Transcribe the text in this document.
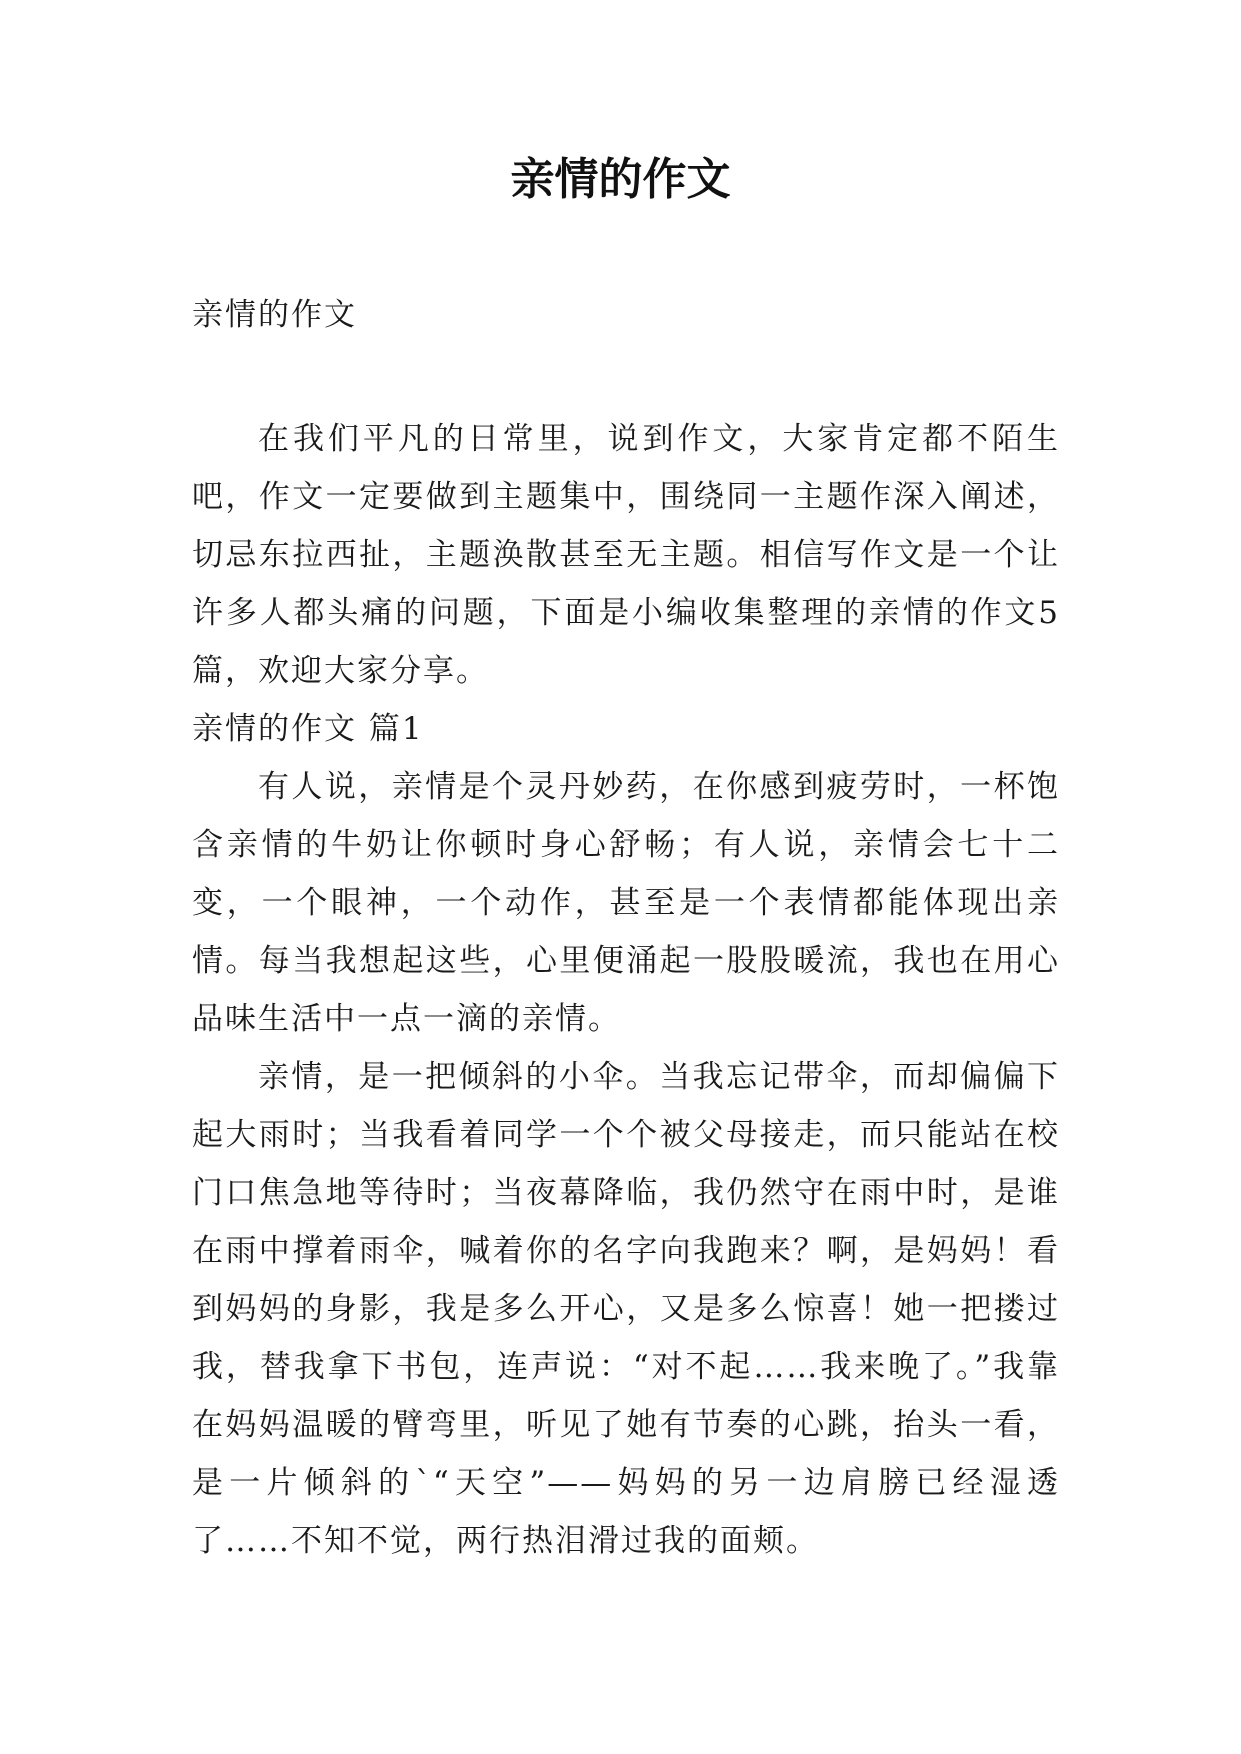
亲情的作文

亲情的作文

在我们平凡的日常里，说到作文，大家肯定都不陌生吧，作文一定要做到主题集中，围绕同一主题作深入阐述，切忌东拉西扯，主题涣散甚至无主题。相信写作文是一个让许多人都头痛的问题，下面是小编收集整理的亲情的作文5篇，欢迎大家分享。

亲情的作文 篇1

有人说，亲情是个灵丹妙药，在你感到疲劳时，一杯饱含亲情的牛奶让你顿时身心舒畅；有人说，亲情会七十二变，一个眼神，一个动作，甚至是一个表情都能体现出亲情。每当我想起这些，心里便涌起一股股暖流，我也在用心品味生活中一点一滴的亲情。

亲情，是一把倾斜的小伞。当我忘记带伞，而却偏偏下起大雨时；当我看着同学一个个被父母接走，而只能站在校门口焦急地等待时；当夜幕降临，我仍然守在雨中时，是谁在雨中撑着雨伞，喊着你的名字向我跑来？啊，是妈妈！看到妈妈的身影，我是多么开心，又是多么惊喜！她一把搂过我，替我拿下书包，连声说：“对不起……我来晚了。”我靠在妈妈温暖的臂弯里，听见了她有节奏的心跳，抬头一看，是一片倾斜的`“天空”——妈妈的另一边肩膀已经湿透了……不知不觉，两行热泪滑过我的面颊。
